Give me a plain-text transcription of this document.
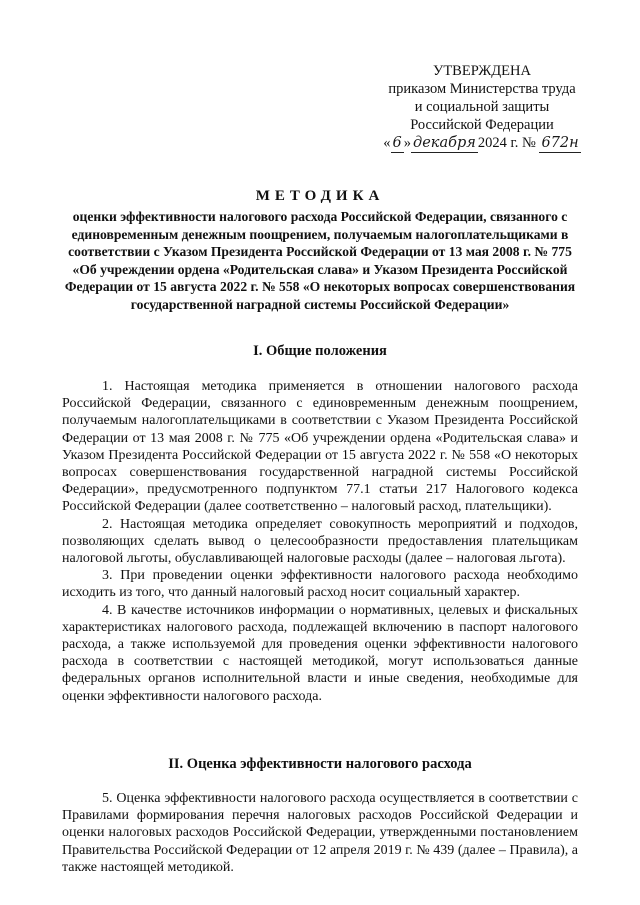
УТВЕРЖДЕНА
приказом Министерства труда
и социальной защиты
Российской Федерации
« 6 » декабря 2024 г. № 672н
МЕТОДИКА
оценки эффективности налогового расхода Российской Федерации, связанного с единовременным денежным поощрением, получаемым налогоплательщиками в соответствии с Указом Президента Российской Федерации от 13 мая 2008 г. № 775 «Об учреждении ордена «Родительская слава» и Указом Президента Российской Федерации от 15 августа 2022 г. № 558 «О некоторых вопросах совершенствования государственной наградной системы Российской Федерации»
I. Общие положения

1. Настоящая методика применяется в отношении налогового расхода Российской Федерации, связанного с единовременным денежным поощрением, получаемым налогоплательщиками в соответствии с Указом Президента Российской Федерации от 13 мая 2008 г. № 775 «Об учреждении ордена «Родительская слава» и Указом Президента Российской Федерации от 15 августа 2022 г. № 558 «О некоторых вопросах совершенствования государственной наградной системы Российской Федерации», предусмотренного подпунктом 77.1 статьи 217 Налогового кодекса Российской Федерации (далее соответственно – налоговый расход, плательщики).

2. Настоящая методика определяет совокупность мероприятий и подходов, позволяющих сделать вывод о целесообразности предоставления плательщикам налоговой льготы, обуславливающей налоговые расходы (далее – налоговая льгота).

3. При проведении оценки эффективности налогового расхода необходимо исходить из того, что данный налоговый расход носит социальный характер.

4. В качестве источников информации о нормативных, целевых и фискальных характеристиках налогового расхода, подлежащей включению в паспорт налогового расхода, а также используемой для проведения оценки эффективности налогового расхода в соответствии с настоящей методикой, могут использоваться данные федеральных органов исполнительной власти и иные сведения, необходимые для оценки эффективности налогового расхода.

II. Оценка эффективности налогового расхода

5. Оценка эффективности налогового расхода осуществляется в соответствии с Правилами формирования перечня налоговых расходов Российской Федерации и оценки налоговых расходов Российской Федерации, утвержденными постановлением Правительства Российской Федерации от 12 апреля 2019 г. № 439 (далее – Правила), а также настоящей методикой.
